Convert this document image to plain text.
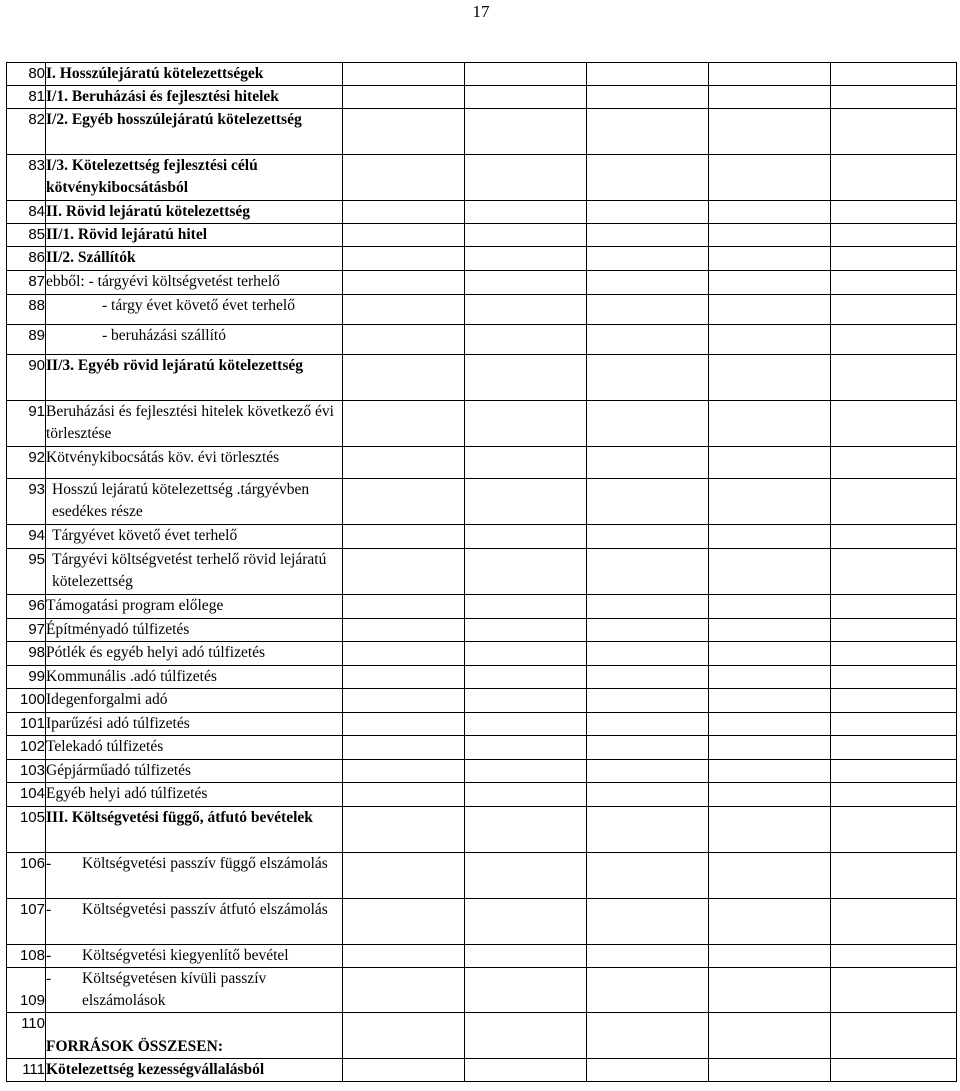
17
80	I. Hosszúlejáratú kötelezettségek					
81	I/1. Beruházási és fejlesztési hitelek					
82	I/2. Egyéb hosszúlejáratú kötelezettség					
83	I/3. Kötelezettség fejlesztési célú kötvénykibocsátásból					
84	II. Rövid lejáratú kötelezettség					
85	II/1. Rövid lejáratú hitel					
86	II/2. Szállítók					
87	ebből: - tárgyévi költségvetést terhelő					
88	- tárgy évet követő évet terhelő					
89	- beruházási szállító					
90	II/3. Egyéb rövid lejáratú kötelezettség					
91	Beruházási és fejlesztési hitelek következő évi törlesztése					
92	Kötvénykibocsátás köv. évi törlesztés					
93	Hosszú lejáratú kötelezettség .tárgyévben esedékes része					
94	Tárgyévet követő évet terhelő					
95	Tárgyévi költségvetést terhelő rövid lejáratú kötelezettség					
96	Támogatási program előlege					
97	Építményadó túlfizetés					
98	Pótlék és egyéb helyi adó túlfizetés					
99	Kommunális .adó túlfizetés					
100	Idegenforgalmi adó					
101	Iparűzési adó túlfizetés					
102	Telekadó túlfizetés					
103	Gépjárműadó túlfizetés					
104	Egyéb helyi adó túlfizetés					
105	III. Költségvetési függő, átfutó bevételek					
106	- Költségvetési passzív függő elszámolás					

107	- Költségvetési passzív átfutó elszámolás					

108	- Költségvetési kiegyenlítő bevétel					

109	- Költségvetésen kívüli passzív elszámolások					

110	FORRÁSOK ÖSSZESEN:					
111	Kötelezettség kezességvállalásból					
